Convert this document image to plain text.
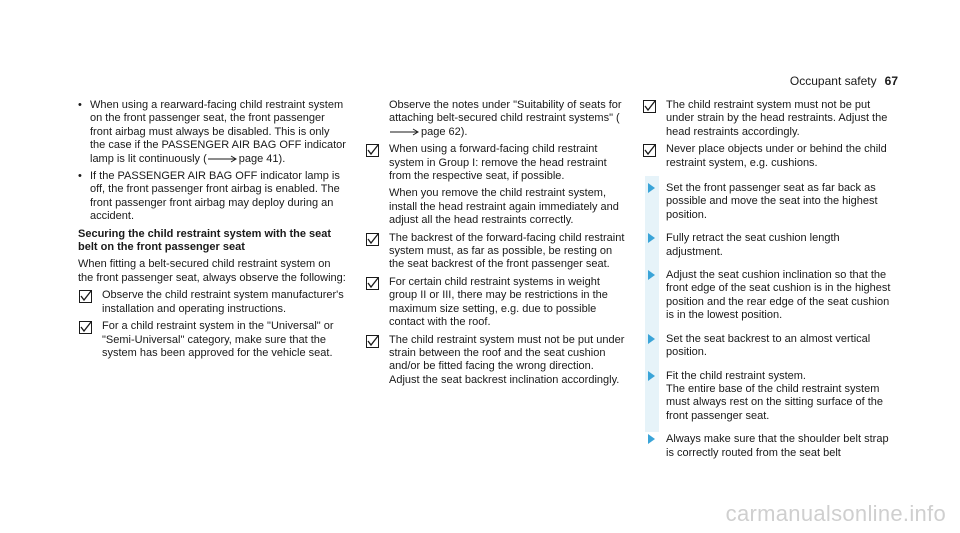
Occupant safety 67
• When using a rearward-facing child restraint system on the front passenger seat, the front passenger front airbag must always be disabled. This is only the case if the PASSENGER AIR BAG OFF indicator lamp is lit continuously (	page 41).
• If the PASSENGER AIR BAG OFF indicator lamp is off, the front passenger front airbag is enabled. The front passenger front airbag may deploy during an accident.
Securing the child restraint system with the seat belt on the front passenger seat
When fitting a belt-secured child restraint system on the front passenger seat, always observe the following:
Observe the child restraint system manufacturer's installation and operating instructions.
For a child restraint system in the "Universal" or "Semi-Universal" category, make sure that the system has been approved for the vehicle seat.
Observe the notes under "Suitability of seats for attaching belt-secured child restraint systems" (page 62).
When using a forward-facing child restraint system in Group I: remove the head restraint from the respective seat, if possible.
When you remove the child restraint system, install the head restraint again immediately and adjust all the head restraints correctly.
The backrest of the forward-facing child restraint system must, as far as possible, be resting on the seat backrest of the front passenger seat.
For certain child restraint systems in weight group II or III, there may be restrictions in the maximum size setting, e.g. due to possible contact with the roof.
The child restraint system must not be put under strain between the roof and the seat cushion and/or be fitted facing the wrong direction. Adjust the seat backrest inclination accordingly.
The child restraint system must not be put under strain by the head restraints. Adjust the head restraints accordingly.
Never place objects under or behind the child restraint system, e.g. cushions.
Set the front passenger seat as far back as possible and move the seat into the highest position.
Fully retract the seat cushion length adjustment.
Adjust the seat cushion inclination so that the front edge of the seat cushion is in the highest position and the rear edge of the seat cushion is in the lowest position.
Set the seat backrest to an almost vertical position.
Fit the child restraint system.
The entire base of the child restraint system must always rest on the sitting surface of the front passenger seat.
Always make sure that the shoulder belt strap is correctly routed from the seat belt
carmanualsonline.info
